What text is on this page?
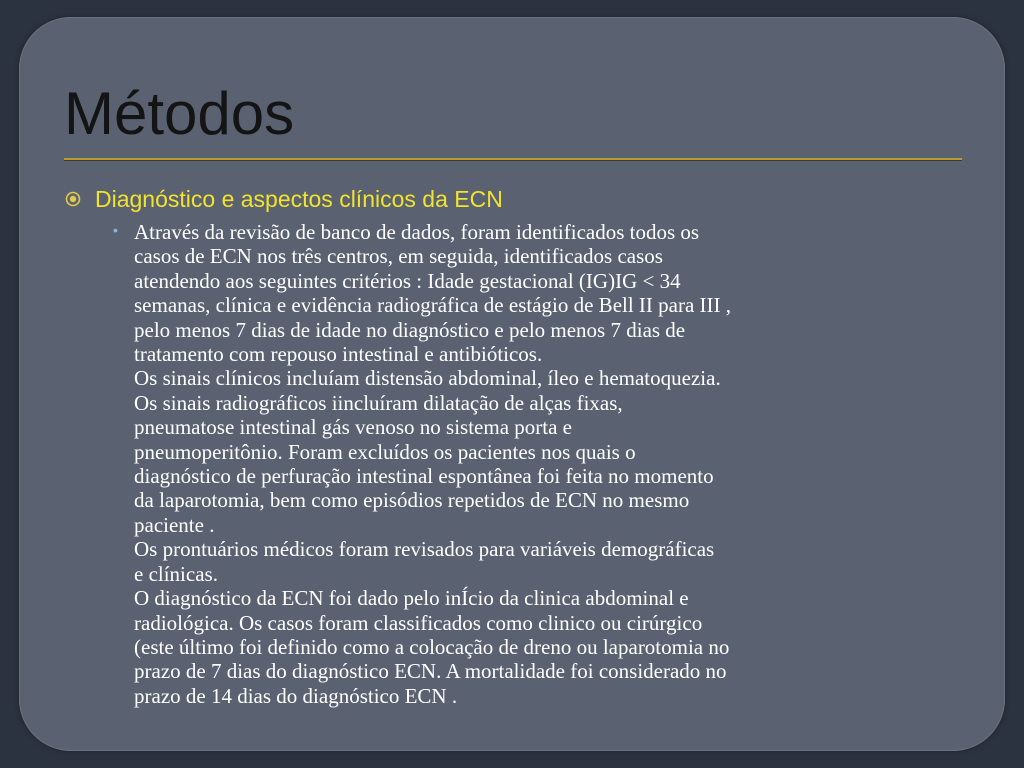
Métodos
Diagnóstico e aspectos clínicos da ECN
• Através da revisão de banco de dados, foram identificados todos os
casos de ECN nos três centros, em seguida, identificados casos
atendendo aos seguintes critérios : Idade gestacional (IG)IG < 34
semanas, clínica e evidência radiográfica de estágio de Bell II para III ,
pelo menos 7 dias de idade no diagnóstico e pelo menos 7 dias de
tratamento com repouso intestinal e antibióticos.
Os sinais clínicos incluíam distensão abdominal, íleo e hematoquezia.
Os sinais radiográficos iincluíram dilatação de alças fixas,
pneumatose intestinal gás venoso no sistema porta e
pneumoperitônio. Foram excluídos os pacientes nos quais o
diagnóstico de perfuração intestinal espontânea foi feita no momento
da laparotomia, bem como episódios repetidos de ECN no mesmo
paciente .
Os prontuários médicos foram revisados para variáveis demográficas
e clínicas.
O diagnóstico da ECN foi dado pelo inÍcio da clinica abdominal e
radiológica. Os casos foram classificados como clinico ou cirúrgico
(este último foi definido como a colocação de dreno ou laparotomia no
prazo de 7 dias do diagnóstico ECN. A mortalidade foi considerado no
prazo de 14 dias do diagnóstico ECN .
